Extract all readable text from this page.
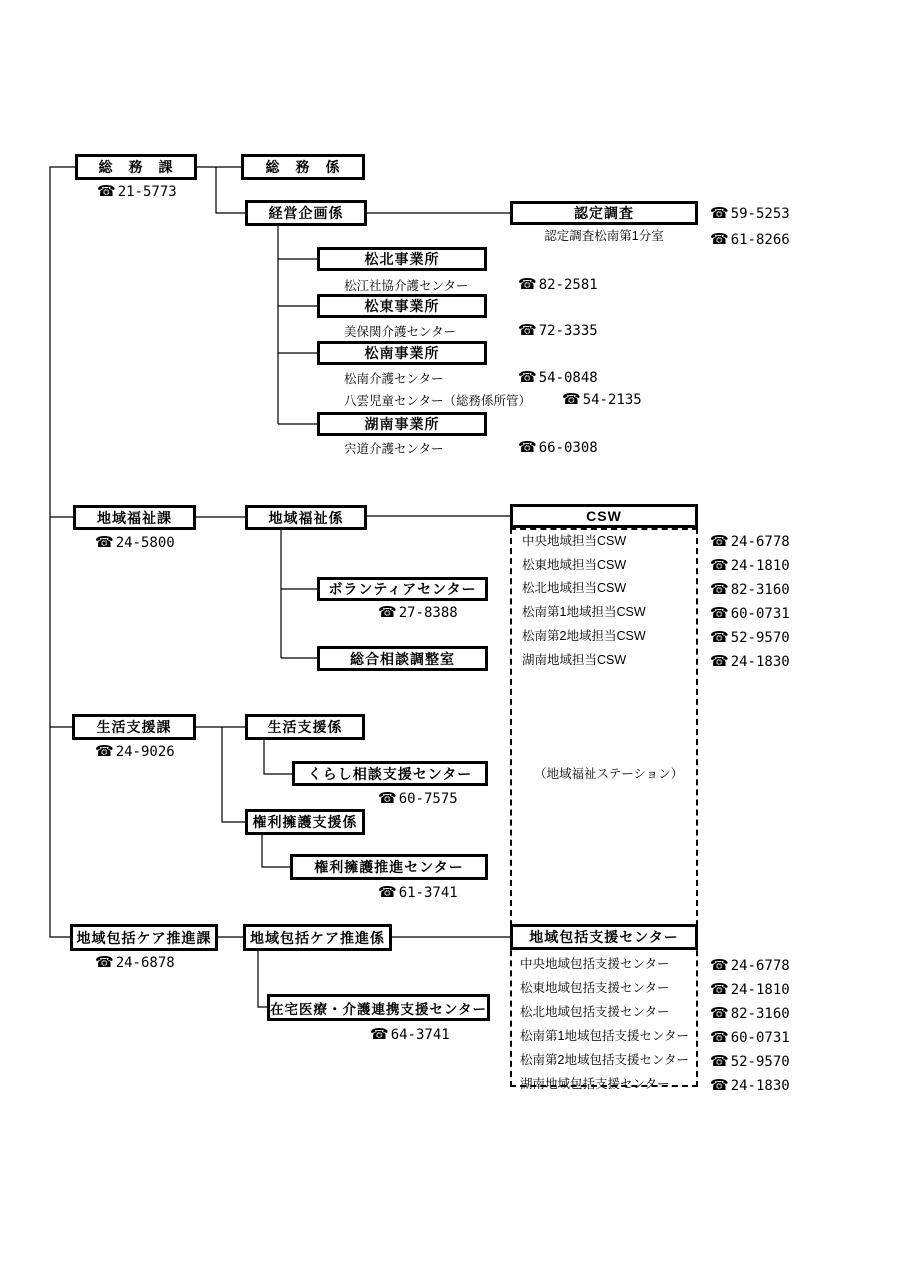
総　務　課	総　務　係
経営企画係	認定調査
松北事業所
松東事業所
松南事業所
湖南事業所
地域福祉課	地域福祉係	CSW
ボランティアセンター
総合相談調整室
生活支援課	生活支援係
くらし相談支援センター
権利擁護支援係
権利擁護推進センター
地域包括ケア推進課	地域包括ケア推進係	地域包括支援センター
在宅医療・介護連携支援センター
☎ 21-5773
☎ 59-5253
認定調査松南第1分室	☎ 61-8266
松江社協介護センター	☎ 82-2581
美保関介護センター	☎ 72-3335
松南介護センター	☎ 54-0848
八雲児童センター（総務係所管） ☎ 54-2135
宍道介護センター	☎ 66-0308
☎ 24-5800	中央地域担当CSW	☎ 24-6778
松東地域担当CSW	☎ 24-1810
松北地域担当CSW	☎ 82-3160
松南第1地域担当CSW	☎ 60-0731
松南第2地域担当CSW	☎ 52-9570
湖南地域担当CSW	☎ 24-1830
☎ 27-8388
（地域福祉ステーション）
☎ 24-9026
☎ 60-7575
☎ 61-3741
☎ 24-6878
☎ 64-3741
中央地域包括支援センター	☎ 24-6778
松東地域包括支援センター	☎ 24-1810
松北地域包括支援センター	☎ 82-3160
松南第1地域包括支援センター ☎ 60-0731
松南第2地域包括支援センター ☎ 52-9570
湖南地域包括支援センター	☎ 24-1830
